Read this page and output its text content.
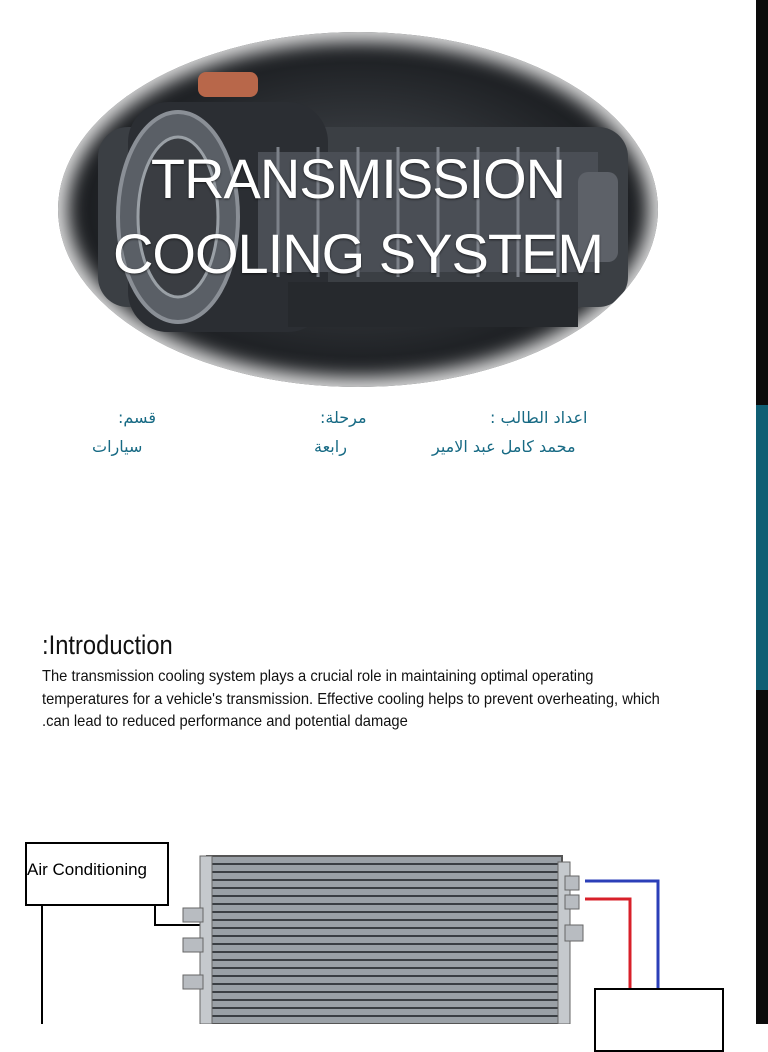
TRANSMISSION
COOLING SYSTEM
قسم:
سيارات
مرحلة:
رابعة
اعداد الطالب :
محمد كامل عبد الامير
:Introduction
The transmission cooling system plays a crucial role in maintaining optimal operating
temperatures for a vehicle's transmission. Effective cooling helps to prevent overheating, which
.can lead to reduced performance and potential damage
Air Conditioning
